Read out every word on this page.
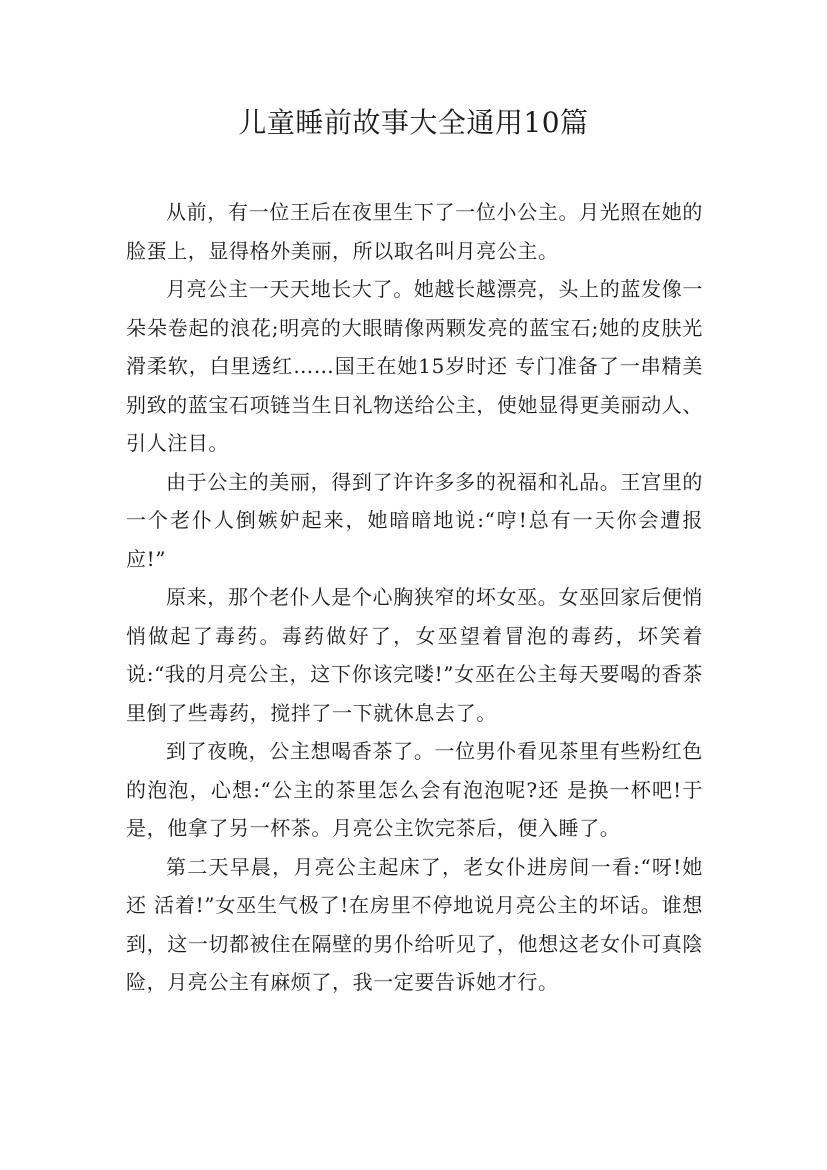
儿童睡前故事大全通用10篇

从前，有一位王后在夜里生下了一位小公主。月光照在她的脸蛋上，显得格外美丽，所以取名叫月亮公主。

月亮公主一天天地长大了。她越长越漂亮，头上的蓝发像一朵朵卷起的浪花;明亮的大眼睛像两颗发亮的蓝宝石;她的皮肤光滑柔软，白里透红……国王在她15岁时还 专门准备了一串精美别致的蓝宝石项链当生日礼物送给公主，使她显得更美丽动人、引人注目。

由于公主的美丽，得到了许许多多的祝福和礼品。王宫里的一个老仆人倒嫉妒起来，她暗暗地说:“哼!总有一天你会遭报应!”

原来，那个老仆人是个心胸狭窄的坏女巫。女巫回家后便悄悄做起了毒药。毒药做好了，女巫望着冒泡的毒药，坏笑着说:“我的月亮公主，这下你该完喽!”女巫在公主每天要喝的香茶里倒了些毒药，搅拌了一下就休息去了。

到了夜晚，公主想喝香茶了。一位男仆看见茶里有些粉红色的泡泡，心想:“公主的茶里怎么会有泡泡呢?还 是换一杯吧!于是，他拿了另一杯茶。月亮公主饮完茶后，便入睡了。

第二天早晨，月亮公主起床了，老女仆进房间一看:“呀!她还 活着!”女巫生气极了!在房里不停地说月亮公主的坏话。谁想到，这一切都被住在隔壁的男仆给听见了，他想这老女仆可真陰险，月亮公主有麻烦了，我一定要告诉她才行。
